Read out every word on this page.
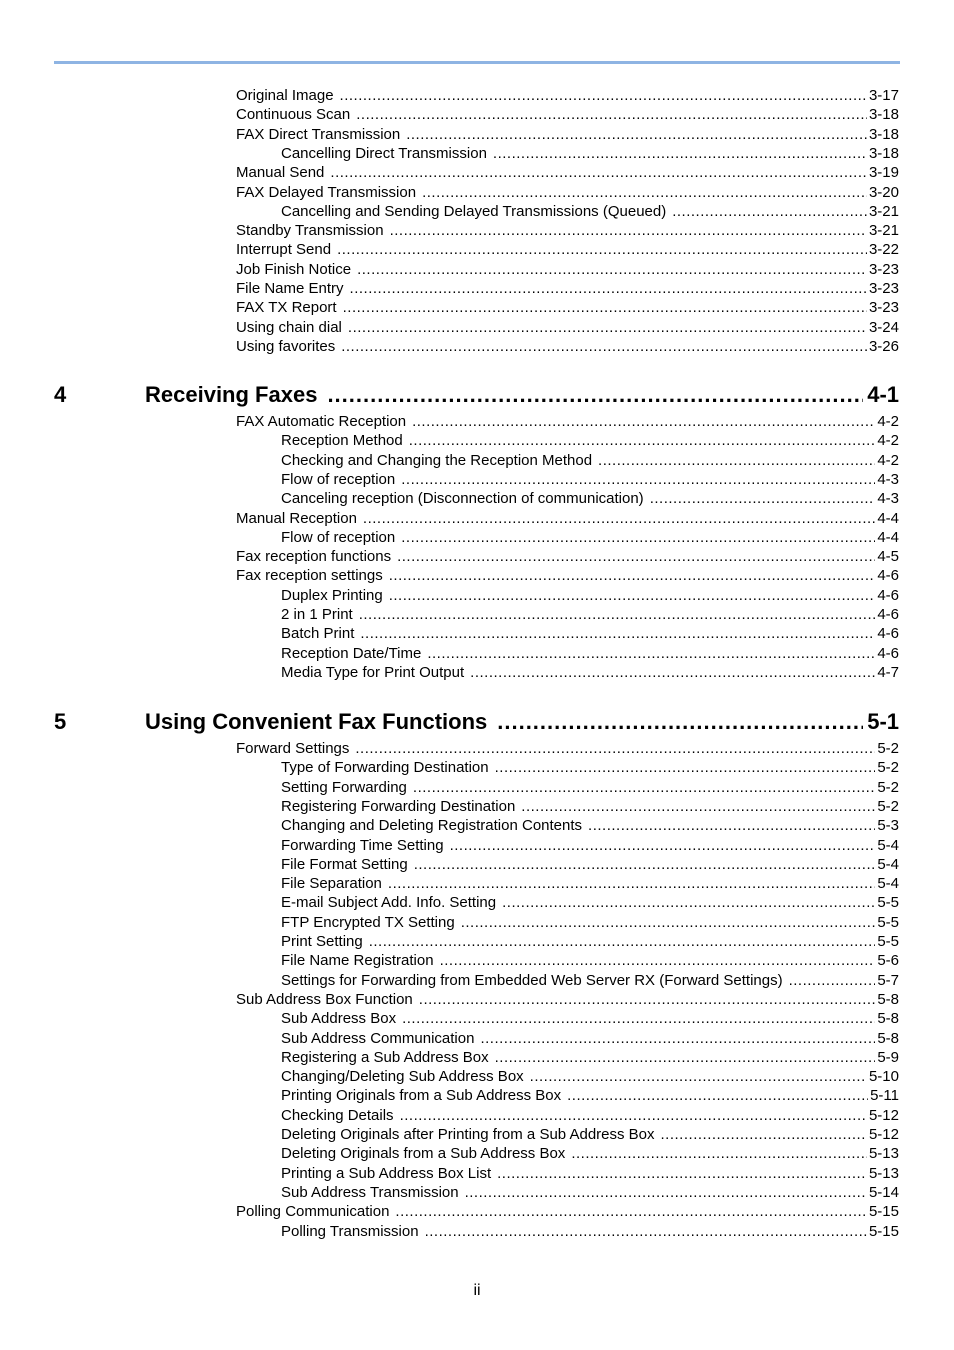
Original Image .....	3-17
Continuous Scan .....	3-18
FAX Direct Transmission .....	3-18
Cancelling Direct Transmission .....	3-18
Manual Send .....	3-19
FAX Delayed Transmission .....	3-20
Cancelling and Sending Delayed Transmissions (Queued) .....	3-21
Standby Transmission .....	3-21
Interrupt Send .....	3-22
Job Finish Notice .....	3-23
File Name Entry .....	3-23
FAX TX Report .....	3-23
Using chain dial .....	3-24
Using favorites .....	3-26
4	Receiving Faxes .....	4-1
FAX Automatic Reception .....	4-2
Reception Method .....	4-2
Checking and Changing the Reception Method .....	4-2
Flow of reception .....	4-3
Canceling reception (Disconnection of communication) .....	4-3
Manual Reception .....	4-4
Flow of reception .....	4-4
Fax reception functions .....	4-5
Fax reception settings .....	4-6
Duplex Printing .....	4-6
2 in 1 Print .....	4-6
Batch Print .....	4-6
Reception Date/Time .....	4-6
Media Type for Print Output .....	4-7
5	Using Convenient Fax Functions .....	5-1
Forward Settings .....	5-2
Type of Forwarding Destination .....	5-2
Setting Forwarding .....	5-2
Registering Forwarding Destination .....	5-2
Changing and Deleting Registration Contents .....	5-3
Forwarding Time Setting .....	5-4
File Format Setting .....	5-4
File Separation .....	5-4
E-mail Subject Add. Info. Setting .....	5-5
FTP Encrypted TX Setting .....	5-5
Print Setting .....	5-5
File Name Registration .....	5-6
Settings for Forwarding from Embedded Web Server RX (Forward Settings) .....	5-7
Sub Address Box Function .....	5-8
Sub Address Box .....	5-8
Sub Address Communication .....	5-8
Registering a Sub Address Box .....	5-9
Changing/Deleting Sub Address Box .....	5-10
Printing Originals from a Sub Address Box .....	5-11
Checking Details .....	5-12
Deleting Originals after Printing from a Sub Address Box .....	5-12
Deleting Originals from a Sub Address Box .....	5-13
Printing a Sub Address Box List .....	5-13
Sub Address Transmission .....	5-14
Polling Communication .....	5-15
Polling Transmission .....	5-15
ii
